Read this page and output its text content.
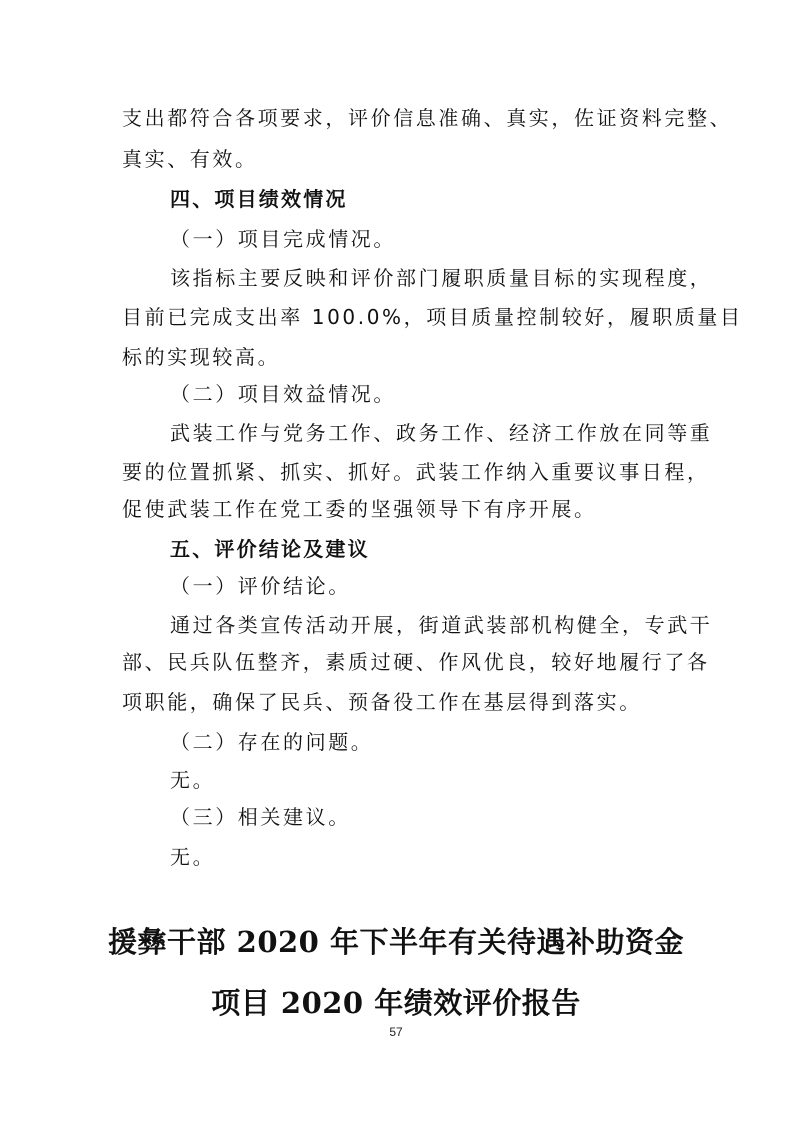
支出都符合各项要求，评价信息准确、真实，佐证资料完整、
真实、有效。
四、项目绩效情况
（一）项目完成情况。
该指标主要反映和评价部门履职质量目标的实现程度，
目前已完成支出率 100.0%，项目质量控制较好，履职质量目
标的实现较高。
（二）项目效益情况。
武装工作与党务工作、政务工作、经济工作放在同等重
要的位置抓紧、抓实、抓好。武装工作纳入重要议事日程，
促使武装工作在党工委的坚强领导下有序开展。
五、评价结论及建议
（一）评价结论。
通过各类宣传活动开展，街道武装部机构健全，专武干
部、民兵队伍整齐，素质过硬、作风优良，较好地履行了各
项职能，确保了民兵、预备役工作在基层得到落实。
（二）存在的问题。
无。
（三）相关建议。
无。
援彝干部 2020 年下半年有关待遇补助资金
项目 2020 年绩效评价报告
57
